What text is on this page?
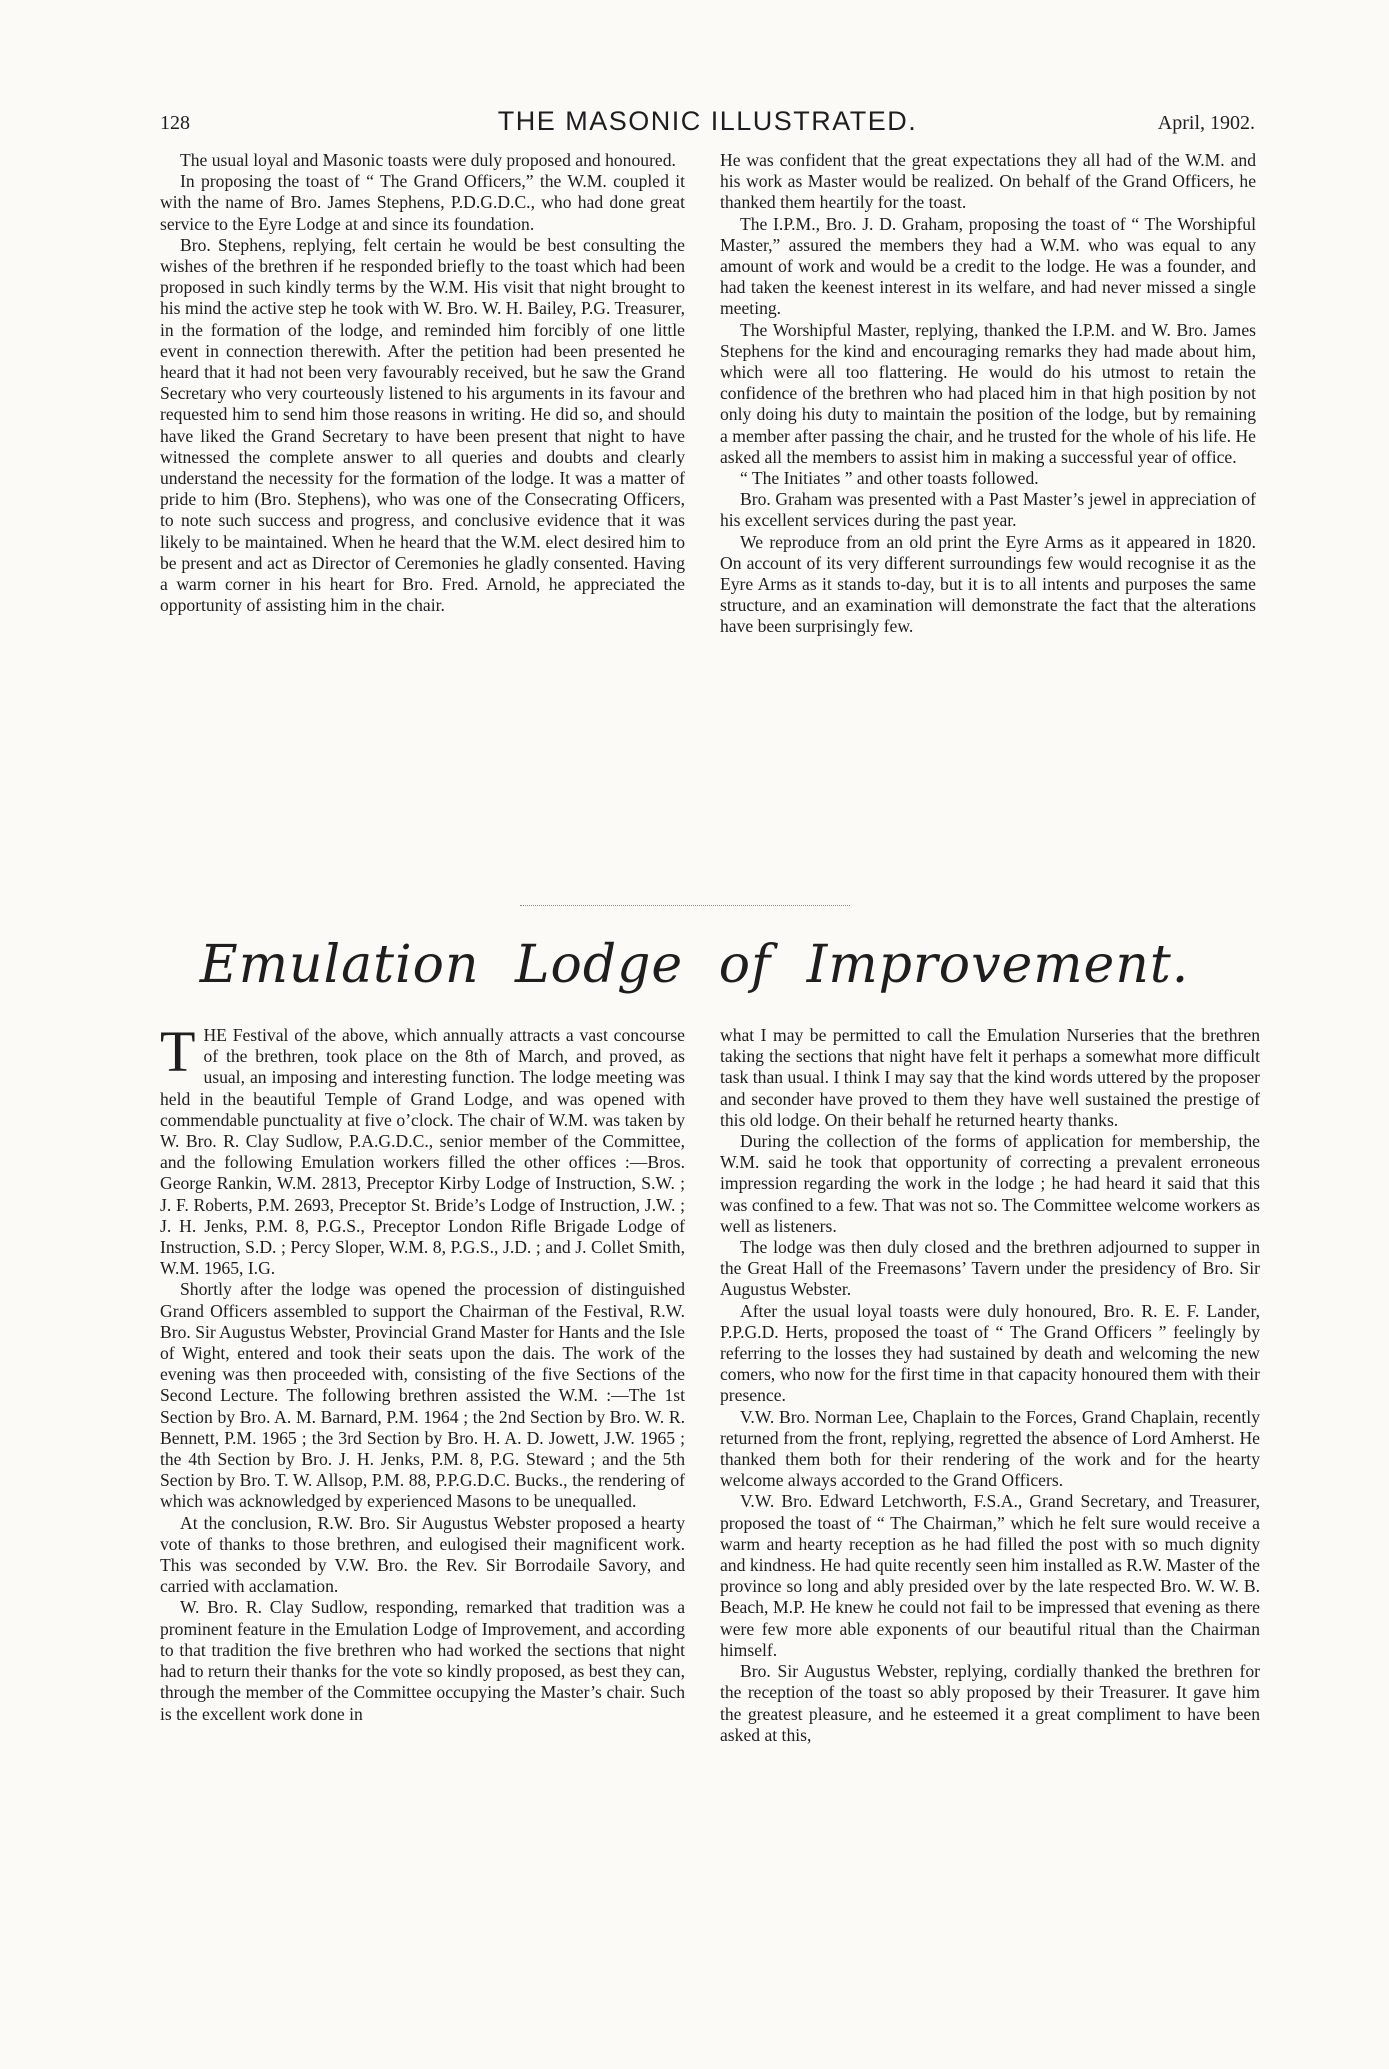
128	THE MASONIC ILLUSTRATED.	April, 1902.

The usual loyal and Masonic toasts were duly proposed and honoured.

In proposing the toast of “ The Grand Officers,” the W.M. coupled it with the name of Bro. James Stephens, P.D.G.D.C., who had done great service to the Eyre Lodge at and since its foundation.

Bro. Stephens, replying, felt certain he would be best consulting the wishes of the brethren if he responded briefly to the toast which had been proposed in such kindly terms by the W.M. His visit that night brought to his mind the active step he took with W. Bro. W. H. Bailey, P.G. Treasurer, in the formation of the lodge, and reminded him forcibly of one little event in connection therewith. After the petition had been presented he heard that it had not been very favourably received, but he saw the Grand Secretary who very courteously listened to his arguments in its favour and requested him to send him those reasons in writing. He did so, and should have liked the Grand Secretary to have been present that night to have witnessed the complete answer to all queries and doubts and clearly understand the necessity for the formation of the lodge. It was a matter of pride to him (Bro. Stephens), who was one of the Consecrating Officers, to note such success and progress, and conclusive evidence that it was likely to be maintained. When he heard that the W.M. elect desired him to be present and act as Director of Ceremonies he gladly consented. Having a warm corner in his heart for Bro. Fred. Arnold, he appreciated the opportunity of assisting him in the chair.

He was confident that the great expectations they all had of the W.M. and his work as Master would be realized. On behalf of the Grand Officers, he thanked them heartily for the toast.

The I.P.M., Bro. J. D. Graham, proposing the toast of “ The Worshipful Master,” assured the members they had a W.M. who was equal to any amount of work and would be a credit to the lodge. He was a founder, and had taken the keenest interest in its welfare, and had never missed a single meeting.

The Worshipful Master, replying, thanked the I.P.M. and W. Bro. James Stephens for the kind and encouraging remarks they had made about him, which were all too flattering. He would do his utmost to retain the confidence of the brethren who had placed him in that high position by not only doing his duty to maintain the position of the lodge, but by remaining a member after passing the chair, and he trusted for the whole of his life. He asked all the members to assist him in making a successful year of office.

“ The Initiates ” and other toasts followed.

Bro. Graham was presented with a Past Master’s jewel in appreciation of his excellent services during the past year.

We reproduce from an old print the Eyre Arms as it appeared in 1820. On account of its very different surroundings few would recognise it as the Eyre Arms as it stands to-day, but it is to all intents and purposes the same structure, and an examination will demonstrate the fact that the alterations have been surprisingly few.

Emulation Lodge of Improvement.

THE Festival of the above, which annually attracts a vast concourse of the brethren, took place on the 8th of March, and proved, as usual, an imposing and interesting function. The lodge meeting was held in the beautiful Temple of Grand Lodge, and was opened with commendable punctuality at five o’clock. The chair of W.M. was taken by W. Bro. R. Clay Sudlow, P.A.G.D.C., senior member of the Committee, and the following Emulation workers filled the other offices :—Bros. George Rankin, W.M. 2813, Preceptor Kirby Lodge of Instruction, S.W. ; J. F. Roberts, P.M. 2693, Preceptor St. Bride’s Lodge of Instruction, J.W. ; J. H. Jenks, P.M. 8, P.G.S., Preceptor London Rifle Brigade Lodge of Instruction, S.D. ; Percy Sloper, W.M. 8, P.G.S., J.D. ; and J. Collet Smith, W.M. 1965, I.G.

Shortly after the lodge was opened the procession of distinguished Grand Officers assembled to support the Chairman of the Festival, R.W. Bro. Sir Augustus Webster, Provincial Grand Master for Hants and the Isle of Wight, entered and took their seats upon the dais. The work of the evening was then proceeded with, consisting of the five Sections of the Second Lecture. The following brethren assisted the W.M. :—The 1st Section by Bro. A. M. Barnard, P.M. 1964 ; the 2nd Section by Bro. W. R. Bennett, P.M. 1965 ; the 3rd Section by Bro. H. A. D. Jowett, J.W. 1965 ; the 4th Section by Bro. J. H. Jenks, P.M. 8, P.G. Steward ; and the 5th Section by Bro. T. W. Allsop, P.M. 88, P.P.G.D.C. Bucks., the rendering of which was acknowledged by experienced Masons to be unequalled.

At the conclusion, R.W. Bro. Sir Augustus Webster proposed a hearty vote of thanks to those brethren, and eulogised their magnificent work. This was seconded by V.W. Bro. the Rev. Sir Borrodaile Savory, and carried with acclamation.

W. Bro. R. Clay Sudlow, responding, remarked that tradition was a prominent feature in the Emulation Lodge of Improvement, and according to that tradition the five brethren who had worked the sections that night had to return their thanks for the vote so kindly proposed, as best they can, through the member of the Committee occupying the Master’s chair. Such is the excellent work done in

what I may be permitted to call the Emulation Nurseries that the brethren taking the sections that night have felt it perhaps a somewhat more difficult task than usual. I think I may say that the kind words uttered by the proposer and seconder have proved to them they have well sustained the prestige of this old lodge. On their behalf he returned hearty thanks.

During the collection of the forms of application for membership, the W.M. said he took that opportunity of correcting a prevalent erroneous impression regarding the work in the lodge ; he had heard it said that this was confined to a few. That was not so. The Committee welcome workers as well as listeners.

The lodge was then duly closed and the brethren adjourned to supper in the Great Hall of the Freemasons’ Tavern under the presidency of Bro. Sir Augustus Webster.

After the usual loyal toasts were duly honoured, Bro. R. E. F. Lander, P.P.G.D. Herts, proposed the toast of “ The Grand Officers ” feelingly by referring to the losses they had sustained by death and welcoming the new comers, who now for the first time in that capacity honoured them with their presence.

V.W. Bro. Norman Lee, Chaplain to the Forces, Grand Chaplain, recently returned from the front, replying, regretted the absence of Lord Amherst. He thanked them both for their rendering of the work and for the hearty welcome always accorded to the Grand Officers.

V.W. Bro. Edward Letchworth, F.S.A., Grand Secretary, and Treasurer, proposed the toast of “ The Chairman,” which he felt sure would receive a warm and hearty reception as he had filled the post with so much dignity and kindness. He had quite recently seen him installed as R.W. Master of the province so long and ably presided over by the late respected Bro. W. W. B. Beach, M.P. He knew he could not fail to be impressed that evening as there were few more able exponents of our beautiful ritual than the Chairman himself.

Bro. Sir Augustus Webster, replying, cordially thanked the brethren for the reception of the toast so ably proposed by their Treasurer. It gave him the greatest pleasure, and he esteemed it a great compliment to have been asked at this,
